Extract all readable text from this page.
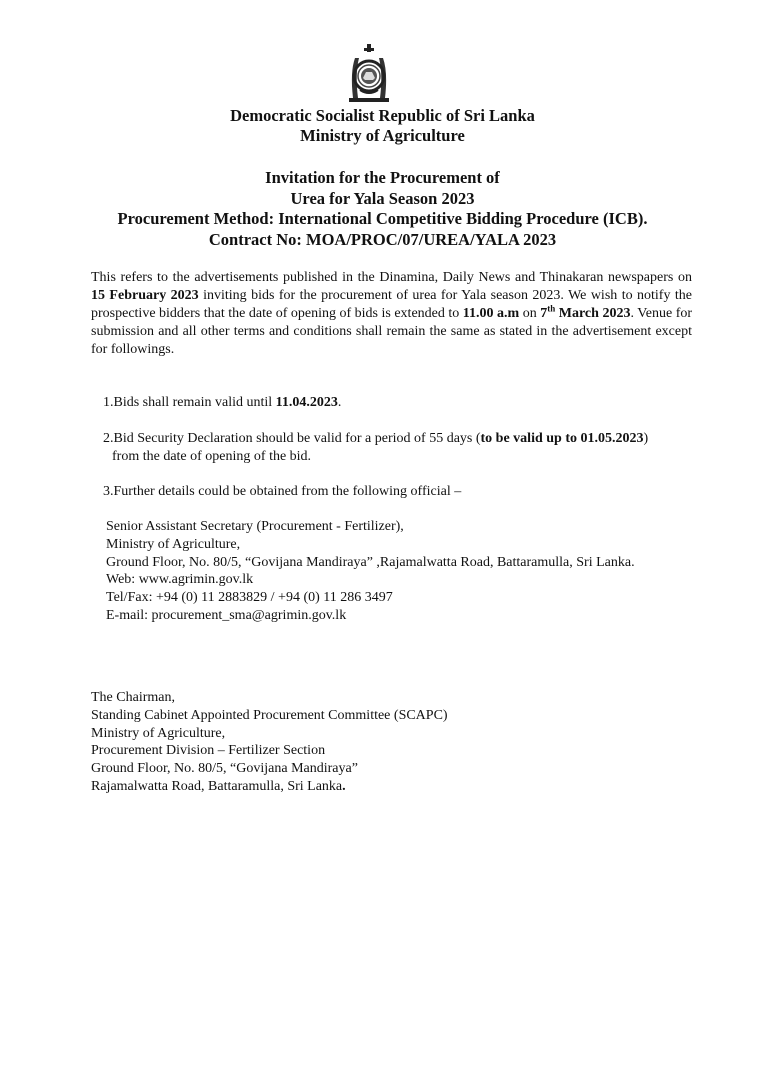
Democratic Socialist Republic of Sri Lanka
Ministry of Agriculture
Invitation for the Procurement of
Urea for Yala Season 2023
Procurement Method: International Competitive Bidding Procedure (ICB).
Contract No: MOA/PROC/07/UREA/YALA 2023

This refers to the advertisements published in the Dinamina, Daily News and Thinakaran newspapers on 15 February 2023 inviting bids for the procurement of urea for Yala season 2023. We wish to notify the prospective bidders that the date of opening of bids is extended to 11.00 a.m on 7th March 2023. Venue for submission and all other terms and conditions shall remain the same as stated in the advertisement except for followings.

1.Bids shall remain valid until 11.04.2023.

2.Bid Security Declaration should be valid for a period of 55 days (to be valid up to 01.05.2023)
from the date of opening of the bid.

3.Further details could be obtained from the following official –

Senior Assistant Secretary (Procurement - Fertilizer),
Ministry of Agriculture,
Ground Floor, No. 80/5, “Govijana Mandiraya” ,Rajamalwatta Road, Battaramulla, Sri Lanka.
Web: www.agrimin.gov.lk
Tel/Fax: +94 (0) 11 2883829 / +94 (0) 11 286 3497
E-mail: procurement_sma@agrimin.gov.lk
The Chairman,
Standing Cabinet Appointed Procurement Committee (SCAPC)
Ministry of Agriculture,
Procurement Division – Fertilizer Section
Ground Floor, No. 80/5, “Govijana Mandiraya”
Rajamalwatta Road, Battaramulla, Sri Lanka.
